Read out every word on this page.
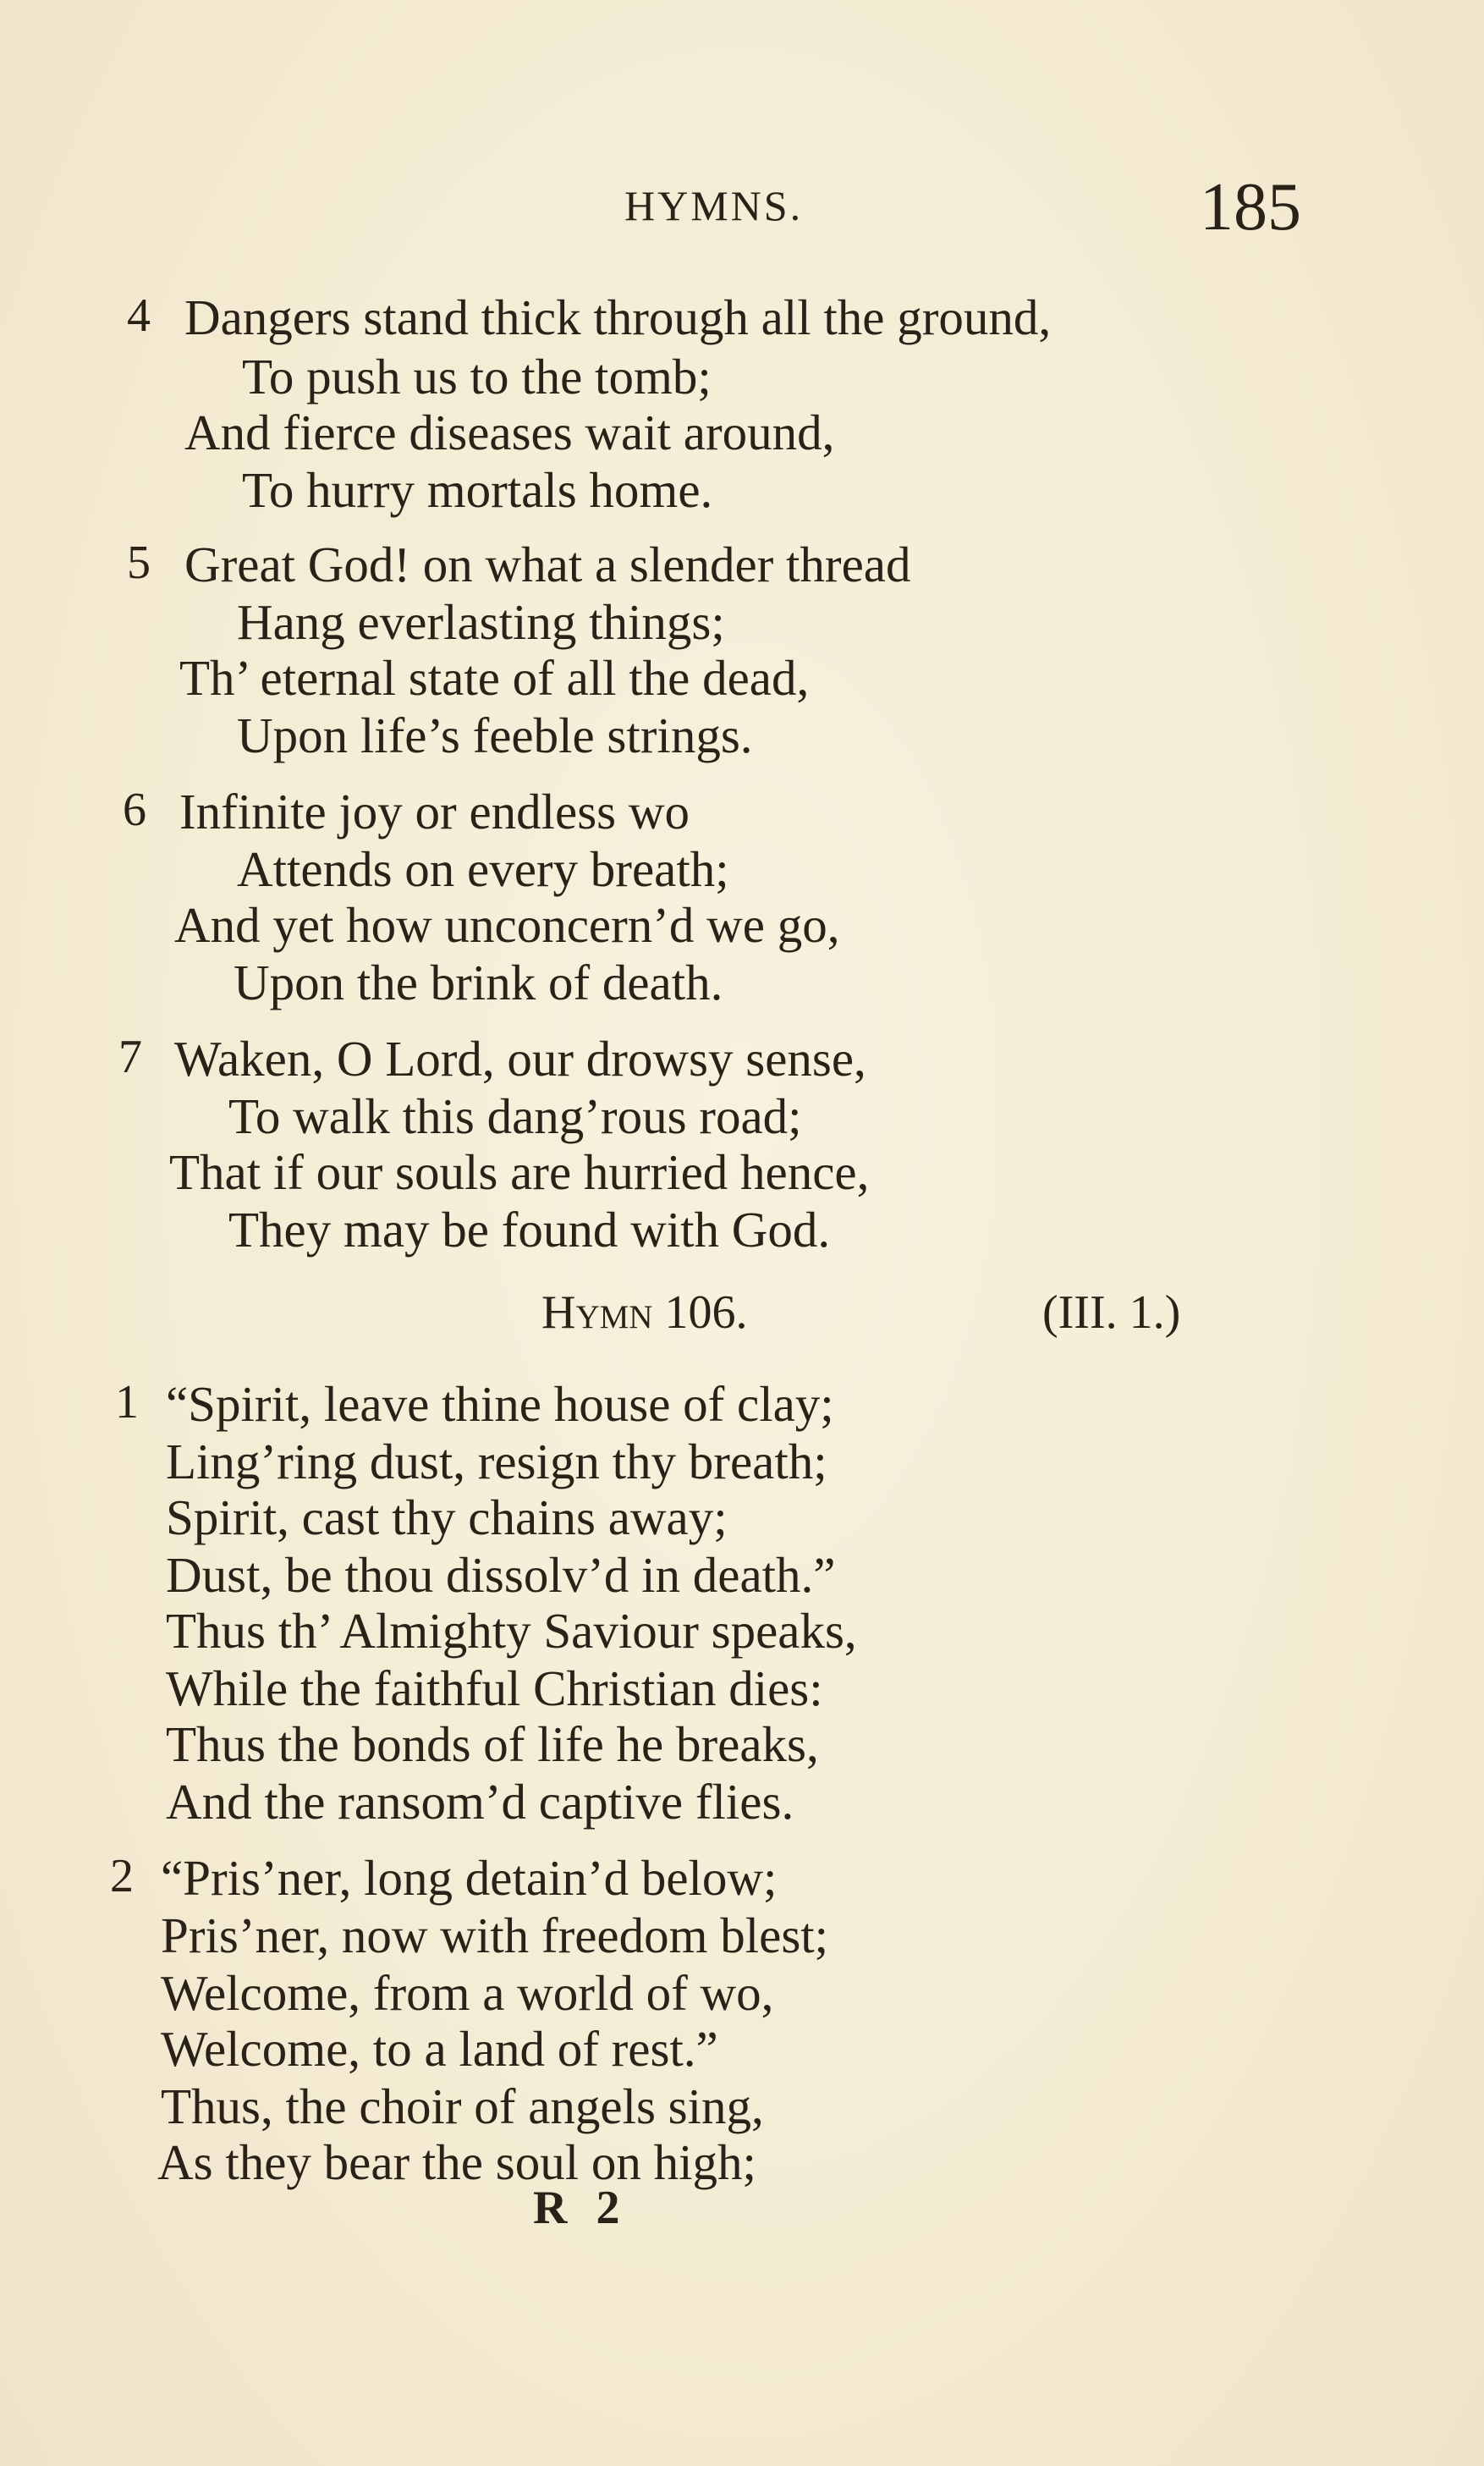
HYMNS.	185
4 Dangers stand thick through all the ground,
To push us to the tomb;
And fierce diseases wait around,
To hurry mortals home.
5 Great God! on what a slender thread
Hang everlasting things;
Th’ eternal state of all the dead,
Upon life’s feeble strings.
6 Infinite joy or endless wo
Attends on every breath;
And yet how unconcern’d we go,
Upon the brink of death.
7 Waken, O Lord, our drowsy sense,
To walk this dang’rous road;
That if our souls are hurried hence,
They may be found with God.
Hymn 106.	(III. 1.)
1 “Spirit, leave thine house of clay;
Ling’ring dust, resign thy breath;
Spirit, cast thy chains away;
Dust, be thou dissolv’d in death.”
Thus th’ Almighty Saviour speaks,
While the faithful Christian dies:
Thus the bonds of life he breaks,
And the ransom’d captive flies.
2 “Pris’ner, long detain’d below;
Pris’ner, now with freedom blest;
Welcome, from a world of wo,
Welcome, to a land of rest.”
Thus, the choir of angels sing,
As they bear the soul on high;
R 2
